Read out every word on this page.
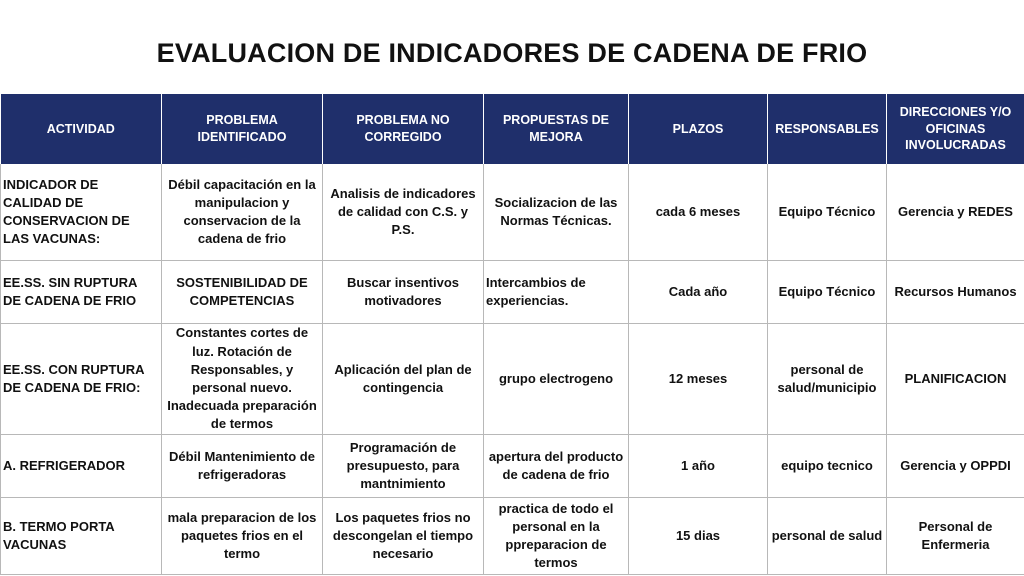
EVALUACION DE INDICADORES DE CADENA DE FRIO
ACTIVIDAD	PROBLEMA IDENTIFICADO	PROBLEMA NO CORREGIDO	PROPUESTAS DE MEJORA	PLAZOS	RESPONSABLES	DIRECCIONES Y/O OFICINAS INVOLUCRADAS
INDICADOR DE CALIDAD DE CONSERVACION DE LAS VACUNAS:	Débil capacitación en la manipulacion y conservacion de la cadena de frio	Analisis de indicadores de calidad con C.S. y P.S.	Socializacion de las Normas Técnicas.	cada 6 meses	Equipo Técnico	Gerencia y REDES
EE.SS. SIN RUPTURA DE CADENA DE FRIO	SOSTENIBILIDAD DE COMPETENCIAS	Buscar insentivos motivadores	Intercambios de experiencias.	Cada año	Equipo Técnico	Recursos Humanos
EE.SS. CON RUPTURA DE CADENA DE FRIO:	Constantes cortes de luz. Rotación de Responsables, y personal nuevo. Inadecuada preparación de termos	Aplicación del plan de contingencia	grupo electrogeno	12 meses	personal de salud/municipio	PLANIFICACION
A. REFRIGERADOR	Débil Mantenimiento de refrigeradoras	Programación de presupuesto, para mantnimiento	apertura del producto de cadena de frio	1 año	equipo tecnico	Gerencia y OPPDI
B. TERMO PORTA VACUNAS	mala preparacion de los paquetes frios en el termo	Los paquetes frios no descongelan el tiempo necesario	practica de todo el personal en la ppreparacion de termos	15 dias	personal de salud	Personal de Enfermeria
